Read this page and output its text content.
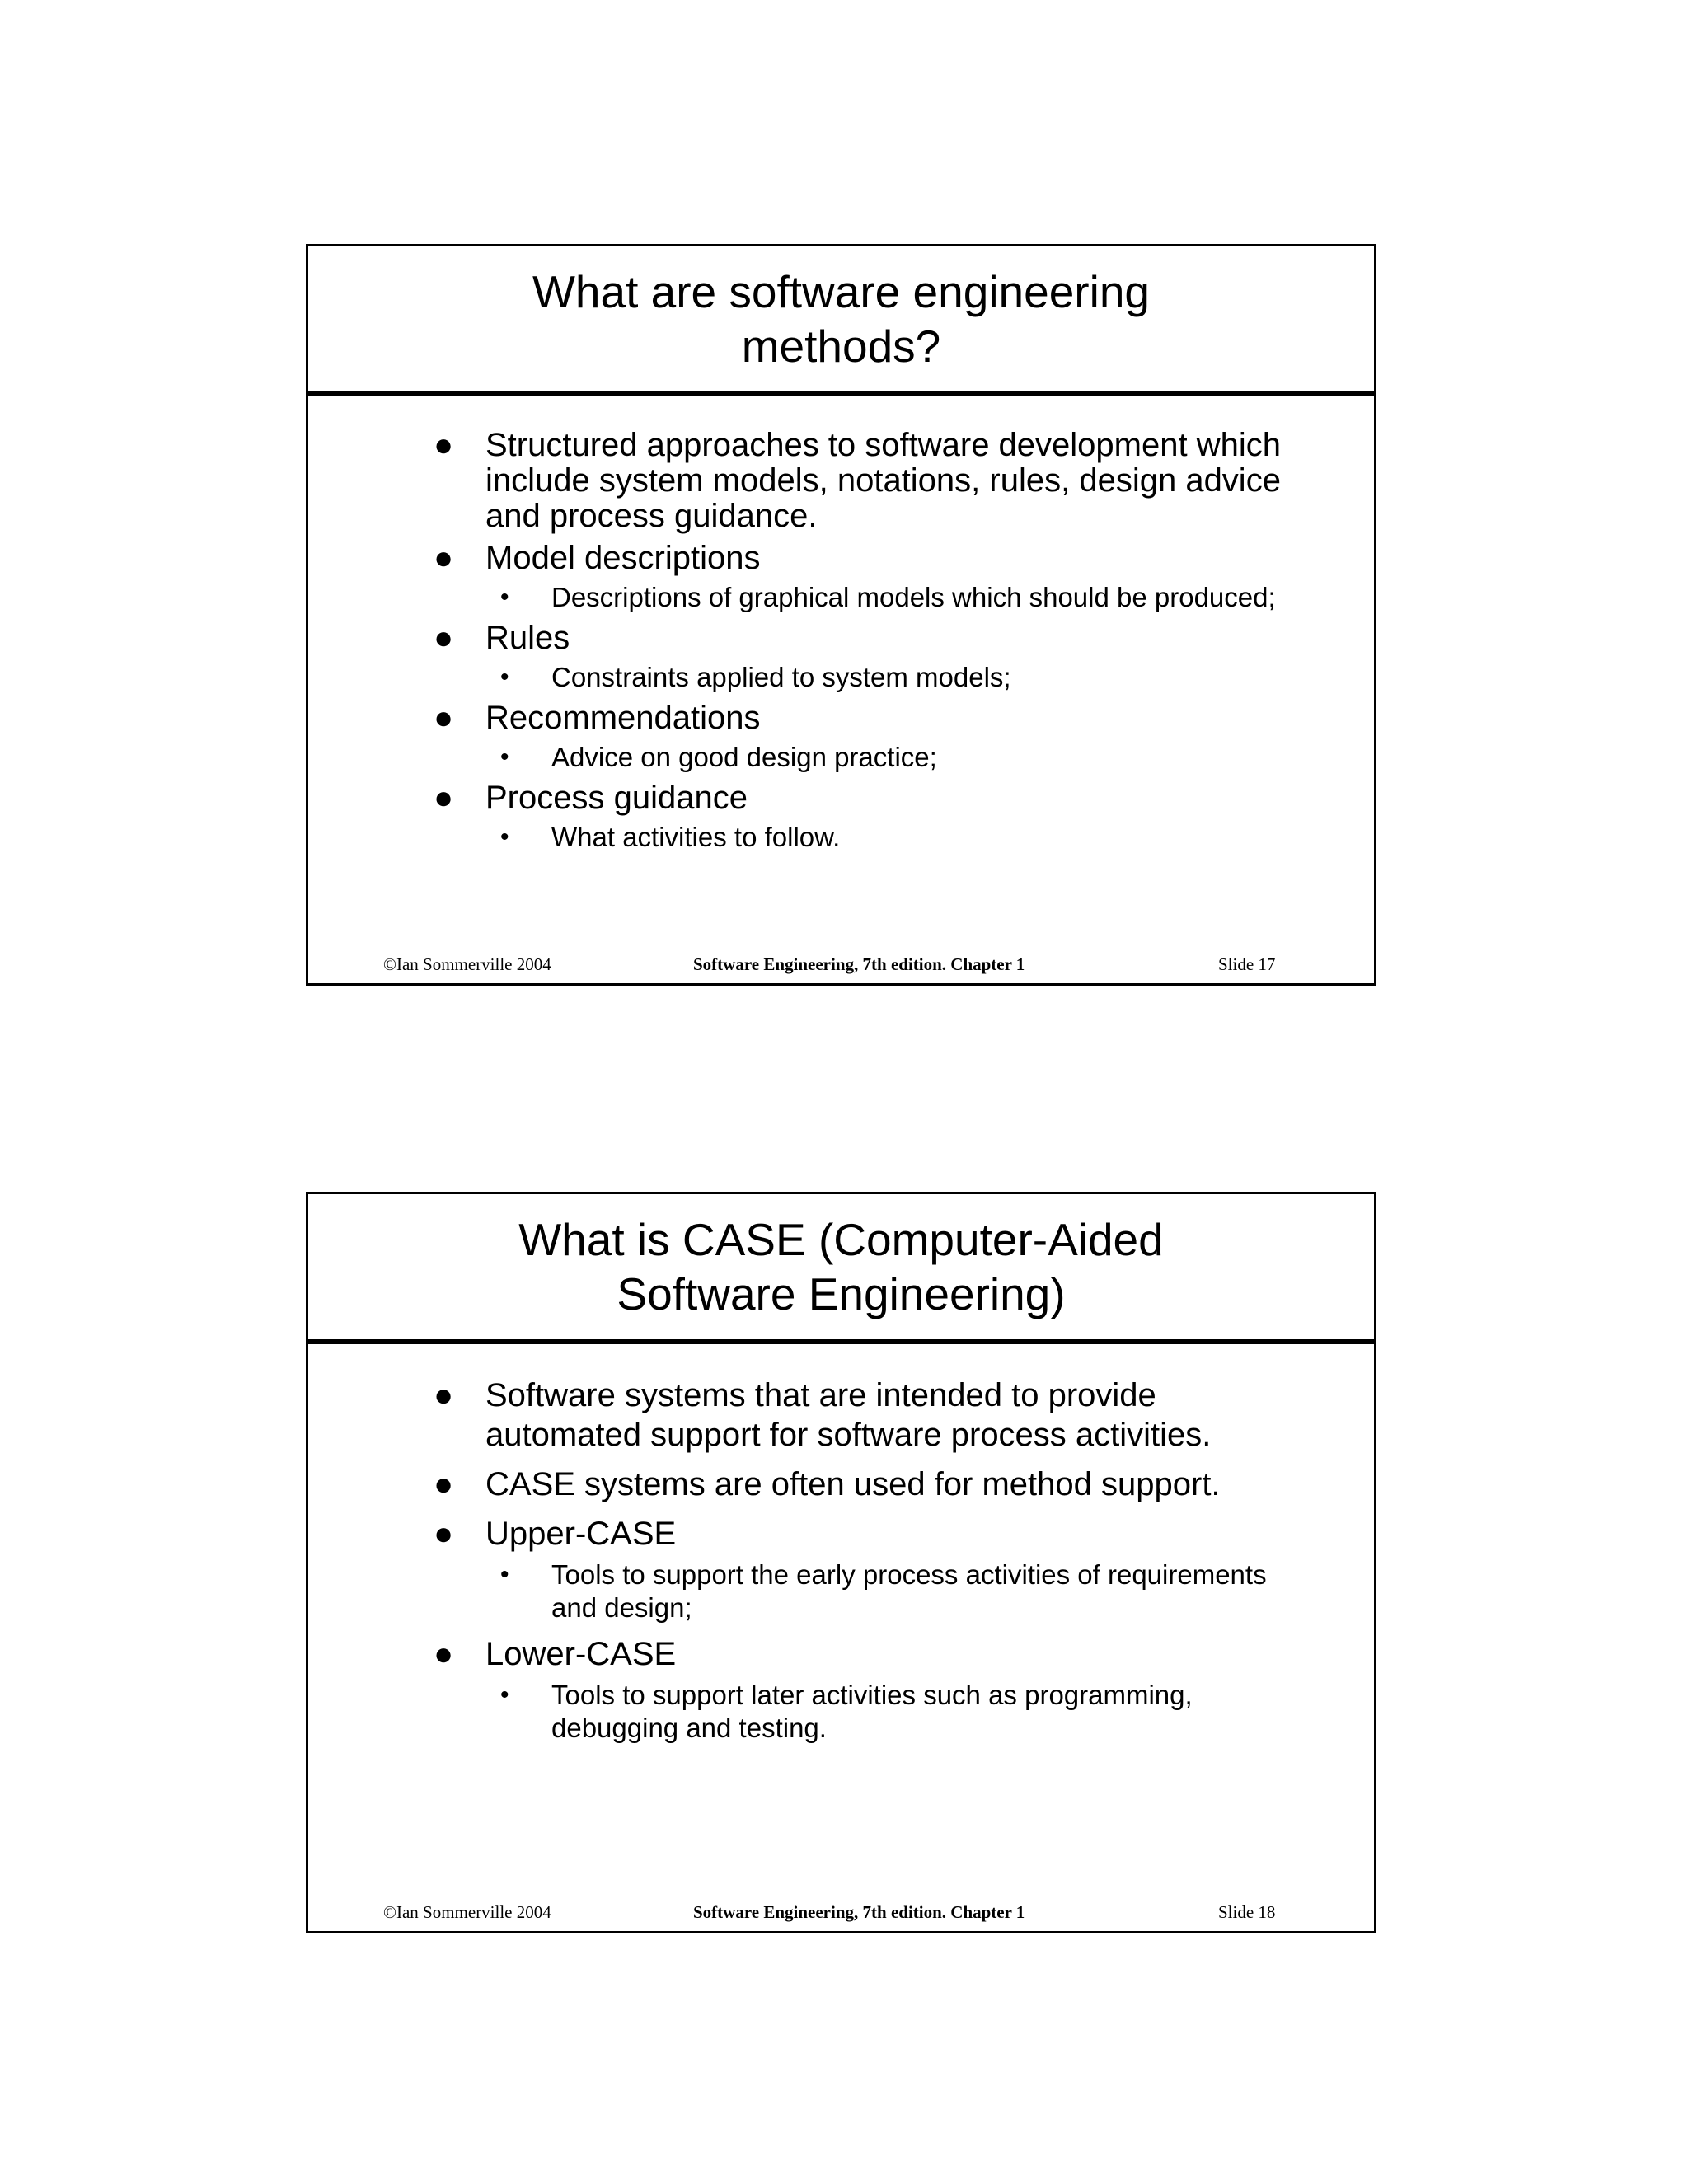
What are software engineering methods?
● Structured approaches to software development which include system models, notations, rules, design advice and process guidance.
● Model descriptions
• Descriptions of graphical models which should be produced;
● Rules
• Constraints applied to system models;
● Recommendations
• Advice on good design practice;
● Process guidance
• What activities to follow.
©Ian Sommerville 2004	Software Engineering, 7th edition. Chapter 1	Slide 17
What is CASE (Computer-Aided Software Engineering)
● Software systems that are intended to provide automated support for software process activities.
● CASE systems are often used for method support.
● Upper-CASE
• Tools to support the early process activities of requirements and design;
● Lower-CASE
• Tools to support later activities such as programming, debugging and testing.
©Ian Sommerville 2004	Software Engineering, 7th edition. Chapter 1	Slide 18
